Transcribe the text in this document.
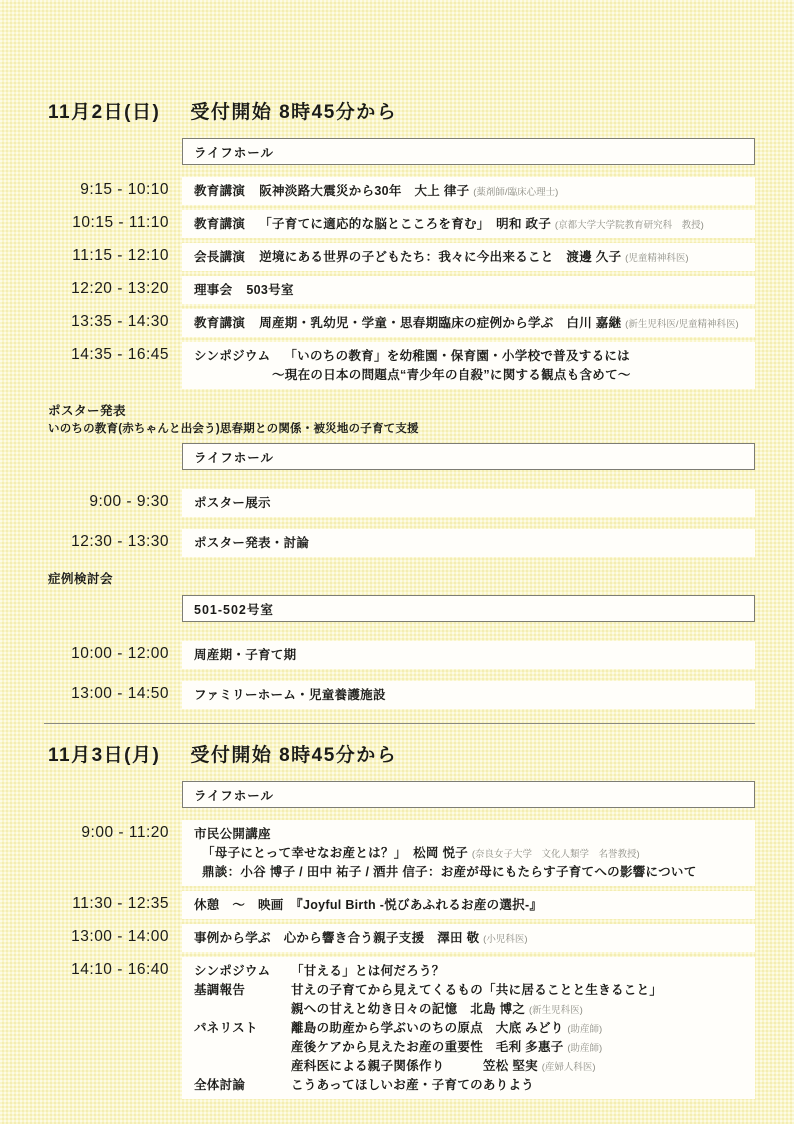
11月2日(日) 受付開始 8時45分から
ライフホール
9:15 - 10:10	教育講演 阪神淡路大震災から30年　大上 律子 (薬剤師/臨床心理士)
10:15 - 11:10	教育講演 「子育てに適応的な脳とこころを育む」　明和 政子 (京都大学大学院教育研究科　教授)
11:15 - 12:10	会長講演 逆境にある世界の子どもたち：我々に今出来ること　渡邊 久子 (児童精神科医)
12:20 - 13:20	理事会 503号室
13:35 - 14:30	教育講演 周産期・乳幼児・学童・思春期臨床の症例から学ぶ　白川 嘉継 (新生児科医/児童精神科医)
14:35 - 16:45	シンポジウム 「いのちの教育」を幼稚園・保育園・小学校で普及するには
～現在の日本の問題点“青少年の自殺”に関する観点も含めて～
ポスター発表
いのちの教育(赤ちゃんと出会う)思春期との関係・被災地の子育て支援
ライフホール
9:00 - 9:30	ポスター展示
12:30 - 13:30	ポスター発表・討論
症例検討会
501-502号室
10:00 - 12:00	周産期・子育て期
13:00 - 14:50	ファミリーホーム・児童養護施設
11月3日(月) 受付開始 8時45分から
ライフホール
9:00 - 11:20	市民公開講座
「母子にとって幸せなお産とは？」　松岡 悦子 (奈良女子大学　文化人類学　名誉教授)
鼎談：小谷 博子 / 田中 祐子 / 酒井 信子：お産が母にもたらす子育てへの影響について
11:30 - 12:35	休憩　～　映画　『Joyful Birth -悦びあふれるお産の選択-』
13:00 - 14:00	事例から学ぶ　心から響き合う親子支援　澤田 敬 (小児科医)
14:10 - 16:40	シンポジウム	「甘える」とは何だろう？
基調報告	甘えの子育てから見えてくるもの「共に居ることと生きること」
親への甘えと幼き日々の記憶　北島 博之 (新生児科医)
パネリスト	離島の助産から学ぶいのちの原点　大底 みどり (助産師)
産後ケアから見えたお産の重要性　毛利 多惠子 (助産師)
産科医による親子関係作り　　　笠松 堅実 (産婦人科医)
全体討論	こうあってほしいお産・子育てのありよう
